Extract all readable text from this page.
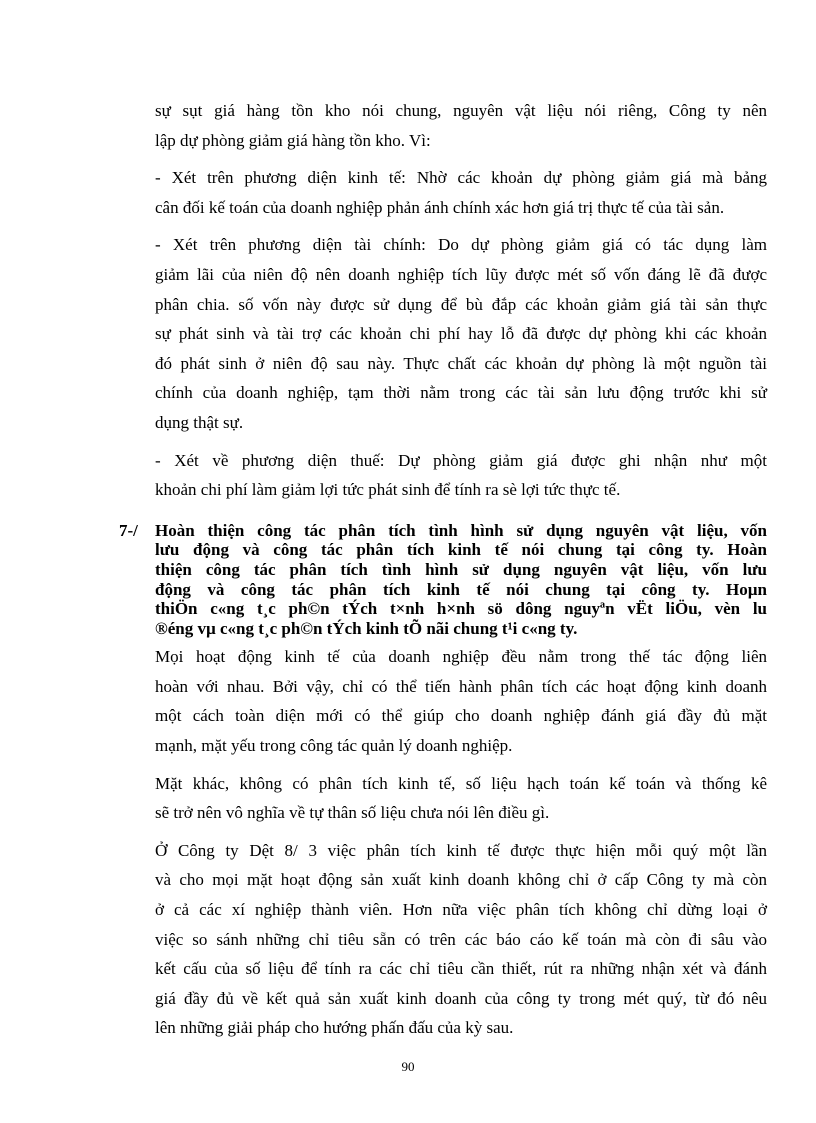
sự sụt giá hàng tồn kho nói chung, nguyên vật liệu nói riêng, Công ty nên
lập dự phòng giảm giá hàng tồn kho. Vì:
- Xét trên phương diện kinh tế: Nhờ các khoản dự phòng giảm giá mà bảng
cân đối kế toán của doanh nghiệp phản ánh chính xác hơn giá trị thực tế của tài sản.
- Xét trên phương diện tài chính: Do dự phòng giảm giá có tác dụng làm
giảm lãi của niên độ nên doanh nghiệp tích lũy được mét số vốn đáng lẽ đã được
phân chia. số vốn này được sử dụng để bù đắp các khoản giảm giá tài sản thực
sự phát sinh và tài trợ các khoản chi phí hay lỗ đã được dự phòng khi các khoản
đó phát sinh ở niên độ sau này. Thực chất các khoản dự phòng là một nguồn tài
chính của doanh nghiệp, tạm thời nằm trong các tài sản lưu động trước khi sử
dụng thật sự.
- Xét về phương diện thuế: Dự phòng giảm giá được ghi nhận như một
khoản chi phí làm giảm lợi tức phát sinh để tính ra sè lợi tức thực tế.
7-/ Hoàn thiện công tác phân tích tình hình sử dụng nguyên vật liệu, vốn
lưu động và công tác phân tích kinh tế nói chung tại công ty. Hoàn
thiện công tác phân tích tình hình sử dụng nguyên vật liệu, vốn lưu
động và công tác phân tích kinh tế nói chung tại công ty. Hoµn
thiÖn c«ng t¸c ph©n tÝch t×nh h×nh sö dông nguyªn vËt liÖu, vèn lu
®éng vµ c«ng t¸c ph©n tÝch kinh tÕ nãi chung t¹i c«ng ty.
Mọi hoạt động kinh tế của doanh nghiệp đều nằm trong thế tác động liên
hoàn với nhau. Bởi vậy, chỉ có thể tiến hành phân tích các hoạt động kinh doanh
một cách toàn diện mới có thể giúp cho doanh nghiệp đánh giá đầy đủ mặt
mạnh, mặt yếu trong công tác quản lý doanh nghiệp.
Mặt khác, không có phân tích kinh tế, số liệu hạch toán kế toán và thống kê
sẽ trở nên vô nghĩa về tự thân số liệu chưa nói lên điều gì.
Ở Công ty Dệt 8/ 3 việc phân tích kinh tế được thực hiện mỗi quý một lần
và cho mọi mặt hoạt động sản xuất kinh doanh không chỉ ở cấp Công ty mà còn
ở cả các xí nghiệp thành viên. Hơn nữa việc phân tích không chỉ dừng loại ở
việc so sánh những chỉ tiêu sẵn có trên các báo cáo kế toán mà còn đi sâu vào
kết cấu của số liệu để tính ra các chỉ tiêu cần thiết, rút ra những nhận xét và đánh
giá đầy đủ về kết quả sản xuất kinh doanh của công ty trong mét quý, từ đó nêu
lên những giải pháp cho hướng phấn đấu của kỳ sau.
90
